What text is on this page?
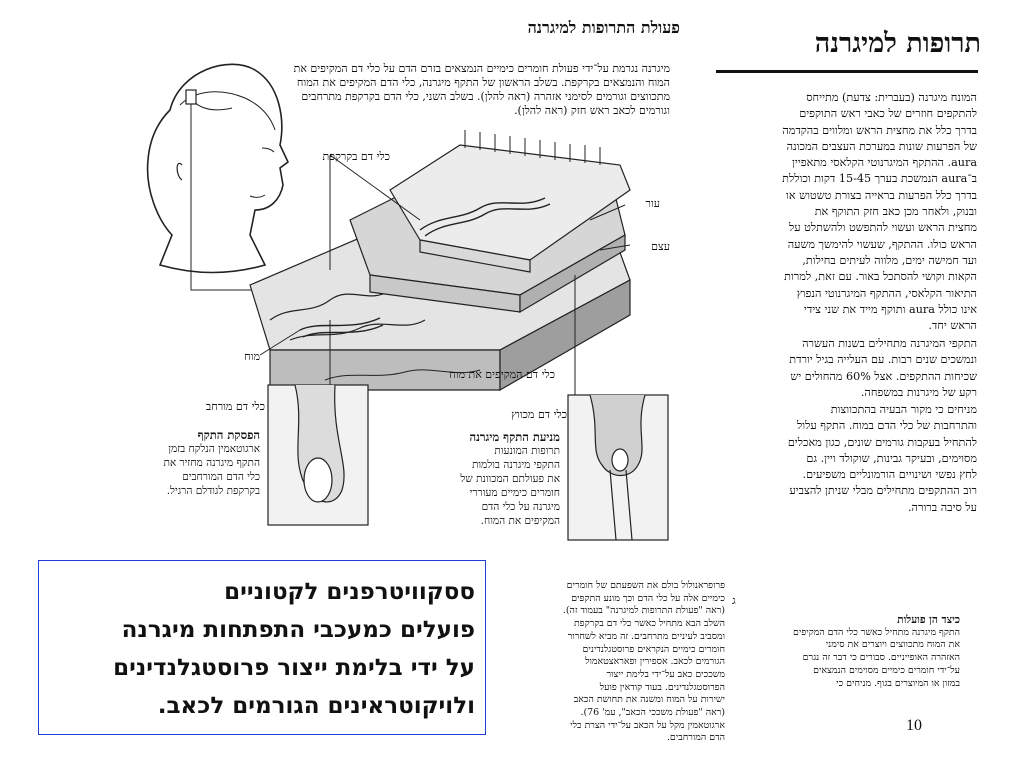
פעולת התרופות למיגרנה
מיגרנה נגרמת על־ידי פעולת חומרים כימיים הנמצאים בזרם הדם על כלי דם המקיפים את המוח והנמצאים בקרקפת. בשלב הראשון של התקף מיגרנה, כלי הדם המקיפים את המוח מתכווצים וגורמים לסימני אזהרה (ראה להלן). בשלב השני, כלי הדם בקרקפת מתרחבים וגורמים לכאב ראש חזק (ראה להלן).
כלי דם בקרקפת
עור
עצם
מוח
כלי דם המקיפים את מוח
כלי דם מורחב
כלי דם מכווץ
הפסקת התקף
ארגוטאמין הנלקח בזמן
התקף מיגרנה מחזיר את
כלי הדם המורחבים
בקרקפת לגודלם הרגיל.
מניעת התקף מיגרנה
תרופות המונעות
התקפי מיגרנה בולמות
את פעולתם המכוונת של
חומרים כימיים מעוררי
מיגרנה על כלי הדם
המקיפים את המוח.
תרופות למיגרנה
המונח מיגרנה (בעברית: צדעת) מתייחס
להתקפים חוזרים של כאבי ראש התוקפים
בדרך כלל את מחצית הראש ומלווים בהקדמה
של הפרעות שונות במערכת העצבים המכונה
aura. ההתקף המיגרנוטי הקלאסי מתאפיין
ב־aura הנמשכת בערך 15-45 דקות וכוללת
בדרך כלל הפרעות בראייה בצורת טשטוש או
ובנוק, ולאחר מכן כאב חזק התוקף את
מחצית הראש ועשוי להתפשט ולהשתלט על
הראש כולו. ההתקף, שעשוי להימשך משעה
ועד חמישה ימים, מלווה לעיתים בחילות,
הקאות וקושי להסתכל באור. עם זאת, למרות
התיאור הקלאסי, ההתקף המיגרנוטי הנפוץ
אינו כולל aura ותוקף מייד את שני צידי
הראש יחד.
התקפי המיגרנה מתחילים בשנות העשרה
ונמשכים שנים רבות. עם העלייה בגיל יורדת
שכיחות ההתקפים. אצל 60% מהחולים יש
רקע של מיגרנות במשפחה.
מניחים כי מקור הבעיה בהתכווצות
והתרחבות של כלי הדם במוח. התקף עלול
להתחיל בעקבות גורמים שונים, כגון מאכלים
מסוימים, ובעיקר גבינות, שוקולד ויין. גם
לחץ נפשי ושינויים הורמונליים משפיעים.
רוב ההתקפים מתחילים מבלי שניתן להצביע
על סיבה ברורה.
ססקוויטרפנים לקטוניים
פועלים כמעכבי התפתחות מיגרנה
על ידי בלימת ייצור פרוסטגלנדינים
ולויקוטראינים הגורמים לכאב.
פרופראנולול בולם את השפעתם של חומרים
כימיים אלה על כלי הדם וכך מונע התקפים
(ראה "פעולת התרופות למיגרנה" בעמוד זה).
השלב הבא מתחיל כאשר כלי דם בקרקפת
ומסביב לעיניים מתרחבים. זה מביא לשחרור
חומרים כימיים הנקראים פרוסטגלנדינים
הגורמים לכאב. אספירין ופאראצטאמול
משככים כאב על־ידי בלימת ייצור
הפרוסטגלנדינים. בעוד קודאין פועל
ישירות על המוח ומשנה את תחושת הכאב
(ראה "פעולת משככי הכאב", עמ' 76).
ארגוטאמין מקל על הכאב על־ידי הצרת כלי
הדם המורחבים.
ג
כיצד הן פועלות
התקף מיגרנה מתחיל כאשר כלי הדם המקיפים
את המוח מתכווצים ויוצרים את סימני
האזהרה האופייניים. סבורים כי דבר זה נגרם
על־ידי חומרים כימיים מסוימים הנמצאים
במזון או המיוצרים בגוף. מניחים כי
10
